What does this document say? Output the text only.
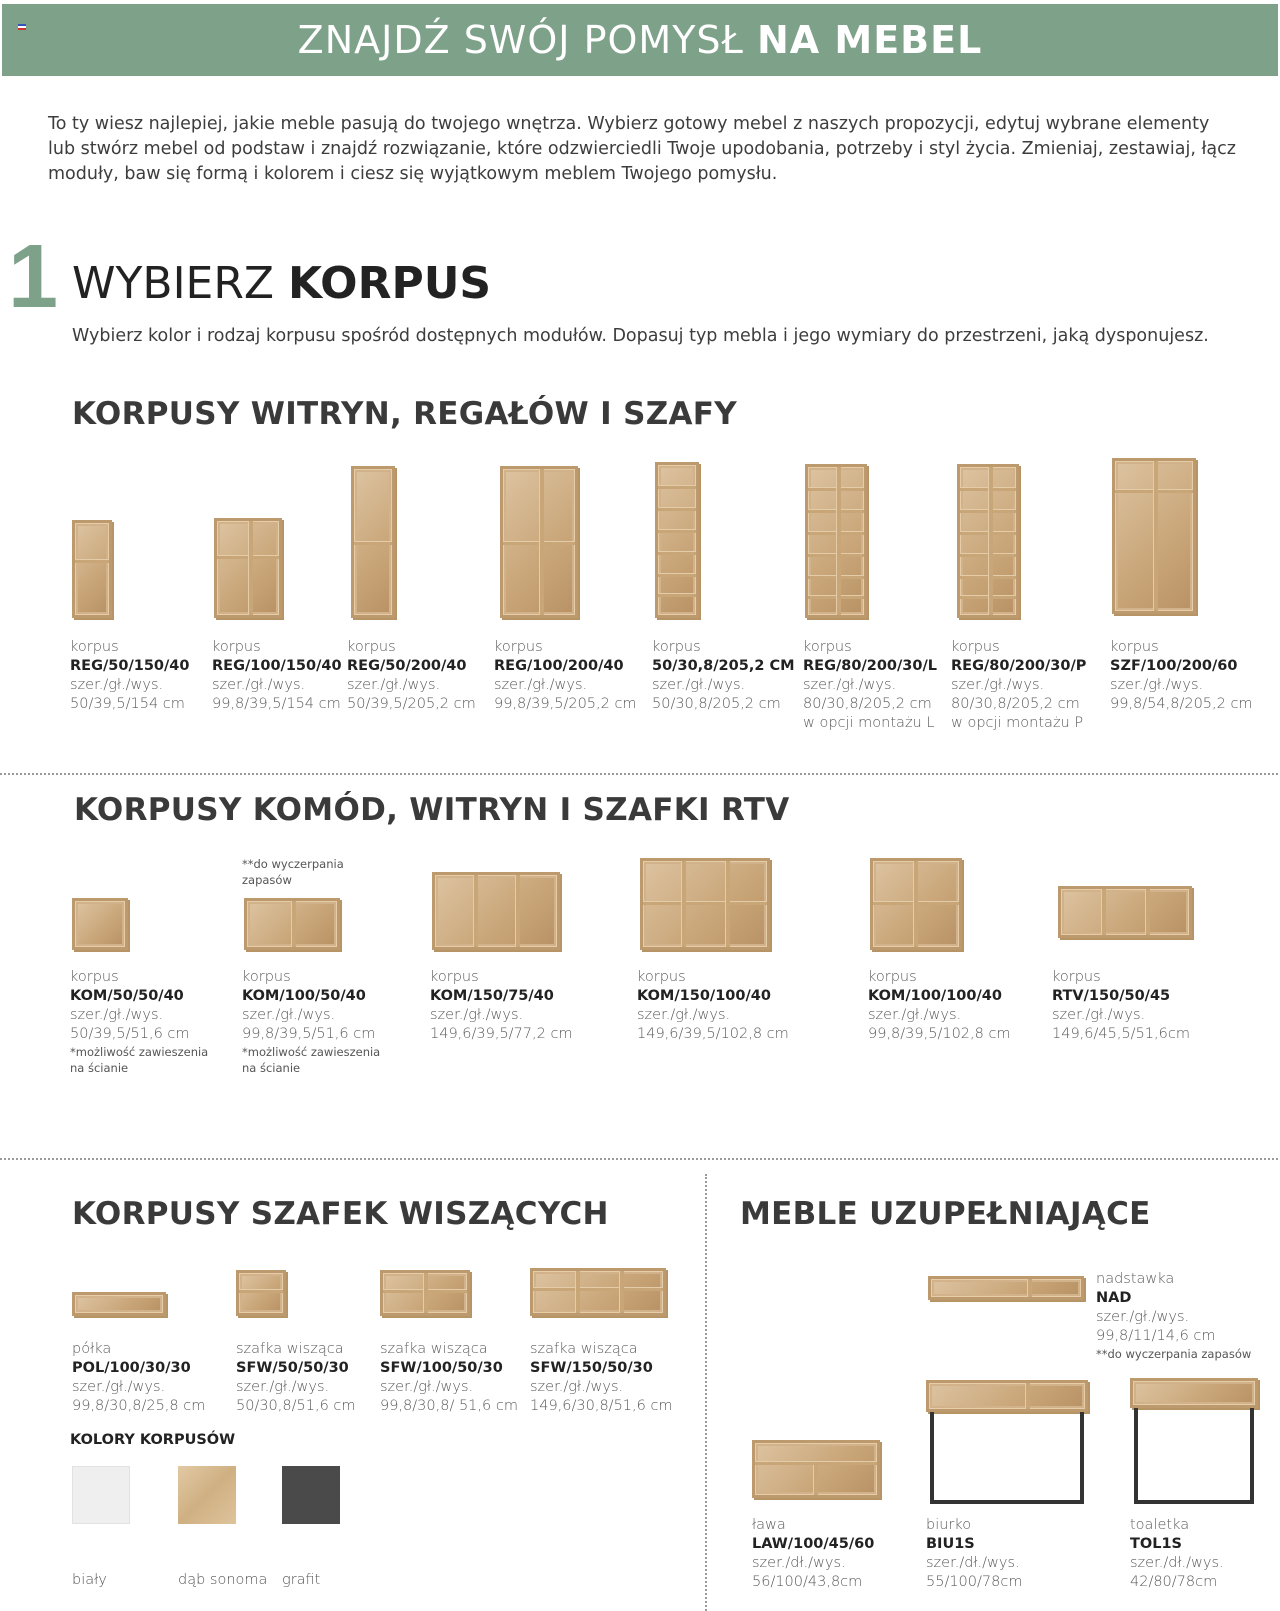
ZNAJDŹ SWÓJ POMYSŁ NA MEBEL

To ty wiesz najlepiej, jakie meble pasują do twojego wnętrza. Wybierz gotowy mebel z naszych propozycji, edytuj wybrane elementy lub stwórz mebel od podstaw i znajdź rozwiązanie, które odzwierciedli Twoje upodobania, potrzeby i styl życia. Zmieniaj, zestawiaj, łącz moduły, baw się formą i kolorem i ciesz się wyjątkowym meblem Twojego pomysłu.

1 WYBIERZ KORPUS
Wybierz kolor i rodzaj korpusu spośród dostępnych modułów. Dopasuj typ mebla i jego wymiary do przestrzeni, jaką dysponujesz.
KORPUSY WITRYN, REGAŁÓW I SZAFY
korpus
REG/50/150/40
szer./gł./wys.
50/39,5/154 cm
korpus
REG/100/150/40
szer./gł./wys.
99,8/39,5/154 cm
korpus
REG/50/200/40
szer./gł./wys.
50/39,5/205,2 cm
korpus
REG/100/200/40
szer./gł./wys.
99,8/39,5/205,2 cm
korpus
50/30,8/205,2 CM
szer./gł./wys.
50/30,8/205,2 cm
korpus
REG/80/200/30/L
szer./gł./wys.
80/30,8/205,2 cm
w opcji montażu L
korpus
REG/80/200/30/P
szer./gł./wys.
80/30,8/205,2 cm
w opcji montażu P
korpus
SZF/100/200/60
szer./gł./wys.
99,8/54,8/205,2 cm
KORPUSY KOMÓD, WITRYN I SZAFKI RTV
**do wyczerpania zapasów
korpus
KOM/50/50/40
szer./gł./wys.
50/39,5/51,6 cm
*możliwość zawieszenia na ścianie
korpus
KOM/100/50/40
szer./gł./wys.
99,8/39,5/51,6 cm
*możliwość zawieszenia na ścianie
korpus
KOM/150/75/40
szer./gł./wys.
149,6/39,5/77,2 cm
korpus
KOM/150/100/40
szer./gł./wys.
149,6/39,5/102,8 cm
korpus
KOM/100/100/40
szer./gł./wys.
99,8/39,5/102,8 cm
korpus
RTV/150/50/45
szer./gł./wys.
149,6/45,5/51,6cm
KORPUSY SZAFEK WISZĄCYCH
półka
POL/100/30/30
szer./gł./wys.
99,8/30,8/25,8 cm
szafka wisząca
SFW/50/50/30
szer./gł./wys.
50/30,8/51,6 cm
szafka wisząca
SFW/100/50/30
szer./gł./wys.
99,8/30,8/ 51,6 cm
szafka wisząca
SFW/150/50/30
szer./gł./wys.
149,6/30,8/51,6 cm
KOLORY KORPUSÓW
biały	dąb sonoma grafit
MEBLE UZUPEŁNIAJĄCE
nadstawka
NAD
szer./gł./wys.
99,8/11/14,6 cm
**do wyczerpania zapasów
ława
LAW/100/45/60
szer./dł./wys.
56/100/43,8cm
biurko
BIU1S
szer./dł./wys.
55/100/78cm
toaletka
TOL1S
szer./dł./wys.
42/80/78cm
